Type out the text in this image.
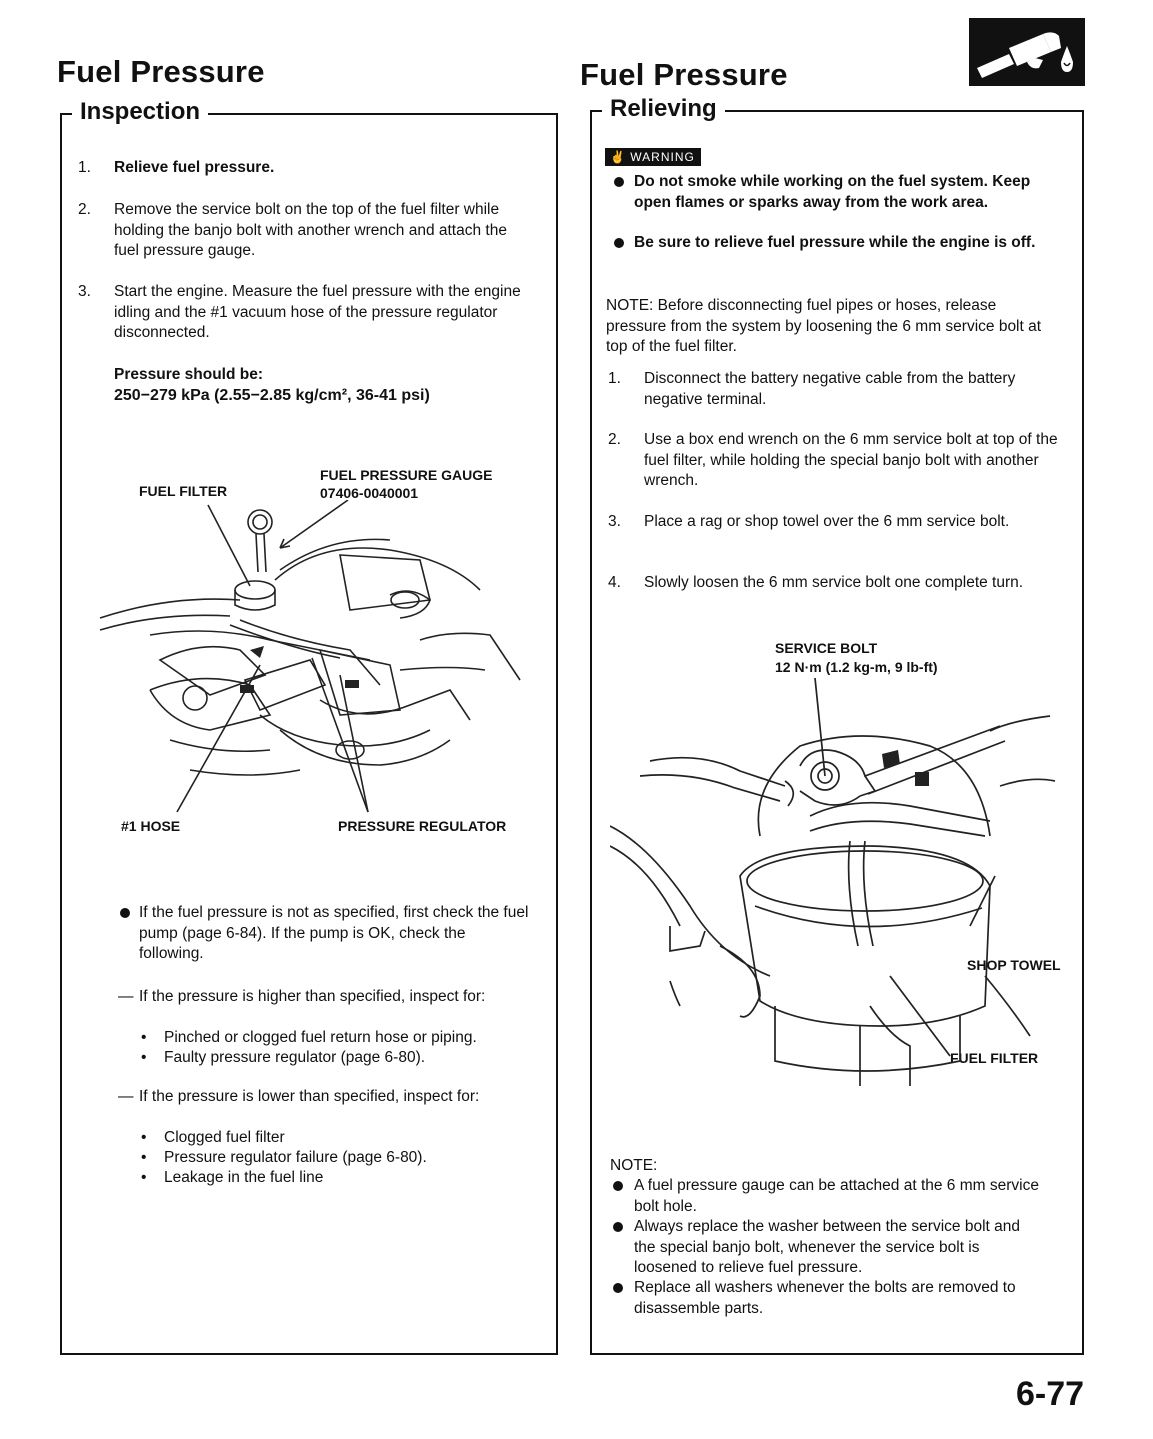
Fuel Pressure
Inspection
1. Relieve fuel pressure.
2. Remove the service bolt on the top of the fuel filter while holding the banjo bolt with another wrench and attach the fuel pressure gauge.
3. Start the engine. Measure the fuel pressure with the engine idling and the #1 vacuum hose of the pressure regulator disconnected.
Pressure should be:
250−279 kPa (2.55−2.85 kg/cm², 36-41 psi)
FUEL PRESSURE GAUGE
07406-0040001
FUEL FILTER
#1 HOSE	PRESSURE REGULATOR
If the fuel pressure is not as specified, first check the fuel pump (page 6-84). If the pump is OK, check the following.
— If the pressure is higher than specified, inspect for:
• Pinched or clogged fuel return hose or piping.
• Faulty pressure regulator (page 6-80).
— If the pressure is lower than specified, inspect for:
• Clogged fuel filter
• Pressure regulator failure (page 6-80).
• Leakage in the fuel line
Fuel Pressure
Relieving
✌ WARNING
Do not smoke while working on the fuel system. Keep open flames or sparks away from the work area.
Be sure to relieve fuel pressure while the engine is off.
NOTE: Before disconnecting fuel pipes or hoses, release pressure from the system by loosening the 6 mm service bolt at top of the fuel filter.
1. Disconnect the battery negative cable from the battery negative terminal.
2. Use a box end wrench on the 6 mm service bolt at top of the fuel filter, while holding the special banjo bolt with another wrench.
3. Place a rag or shop towel over the 6 mm service bolt.
4. Slowly loosen the 6 mm service bolt one complete turn.
SERVICE BOLT
12 N·m (1.2 kg-m, 9 lb-ft)
SHOP TOWEL
FUEL FILTER
NOTE:
A fuel pressure gauge can be attached at the 6 mm service bolt hole.
Always replace the washer between the service bolt and the special banjo bolt, whenever the service bolt is loosened to relieve fuel pressure.
Replace all washers whenever the bolts are removed to disassemble parts.
6-77
